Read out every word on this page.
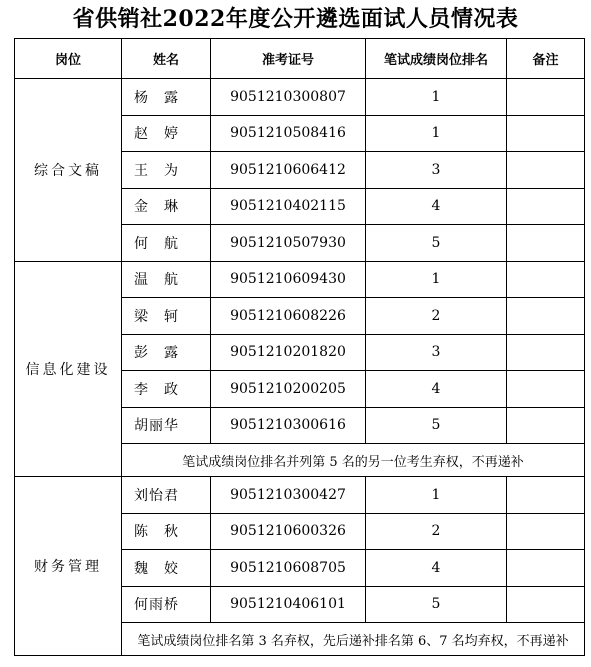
省供销社2022年度公开遴选面试人员情况表
岗位	姓名	准考证号	笔试成绩岗位排名	备注
综合文稿	杨　露	9051210300807	1	
	赵　婷	9051210508416	1	
	王　为	9051210606412	3	
	金　琳	9051210402115	4	
	何　航	9051210507930	5	
信息化建设	温　航	9051210609430	1	
	梁　轲	9051210608226	2	
	彭　露	9051210201820	3	
	李　政	9051210200205	4	
	胡丽华	9051210300616	5	
	笔试成绩岗位排名并列第 5 名的另一位考生弃权，不再递补			
财务管理	刘怡君	9051210300427	1	
	陈　秋	9051210600326	2	
	魏　姣	9051210608705	4	
	何雨桥	9051210406101	5	
	笔试成绩岗位排名第 3 名弃权，先后递补排名第 6、7 名均弃权，不再递补			
